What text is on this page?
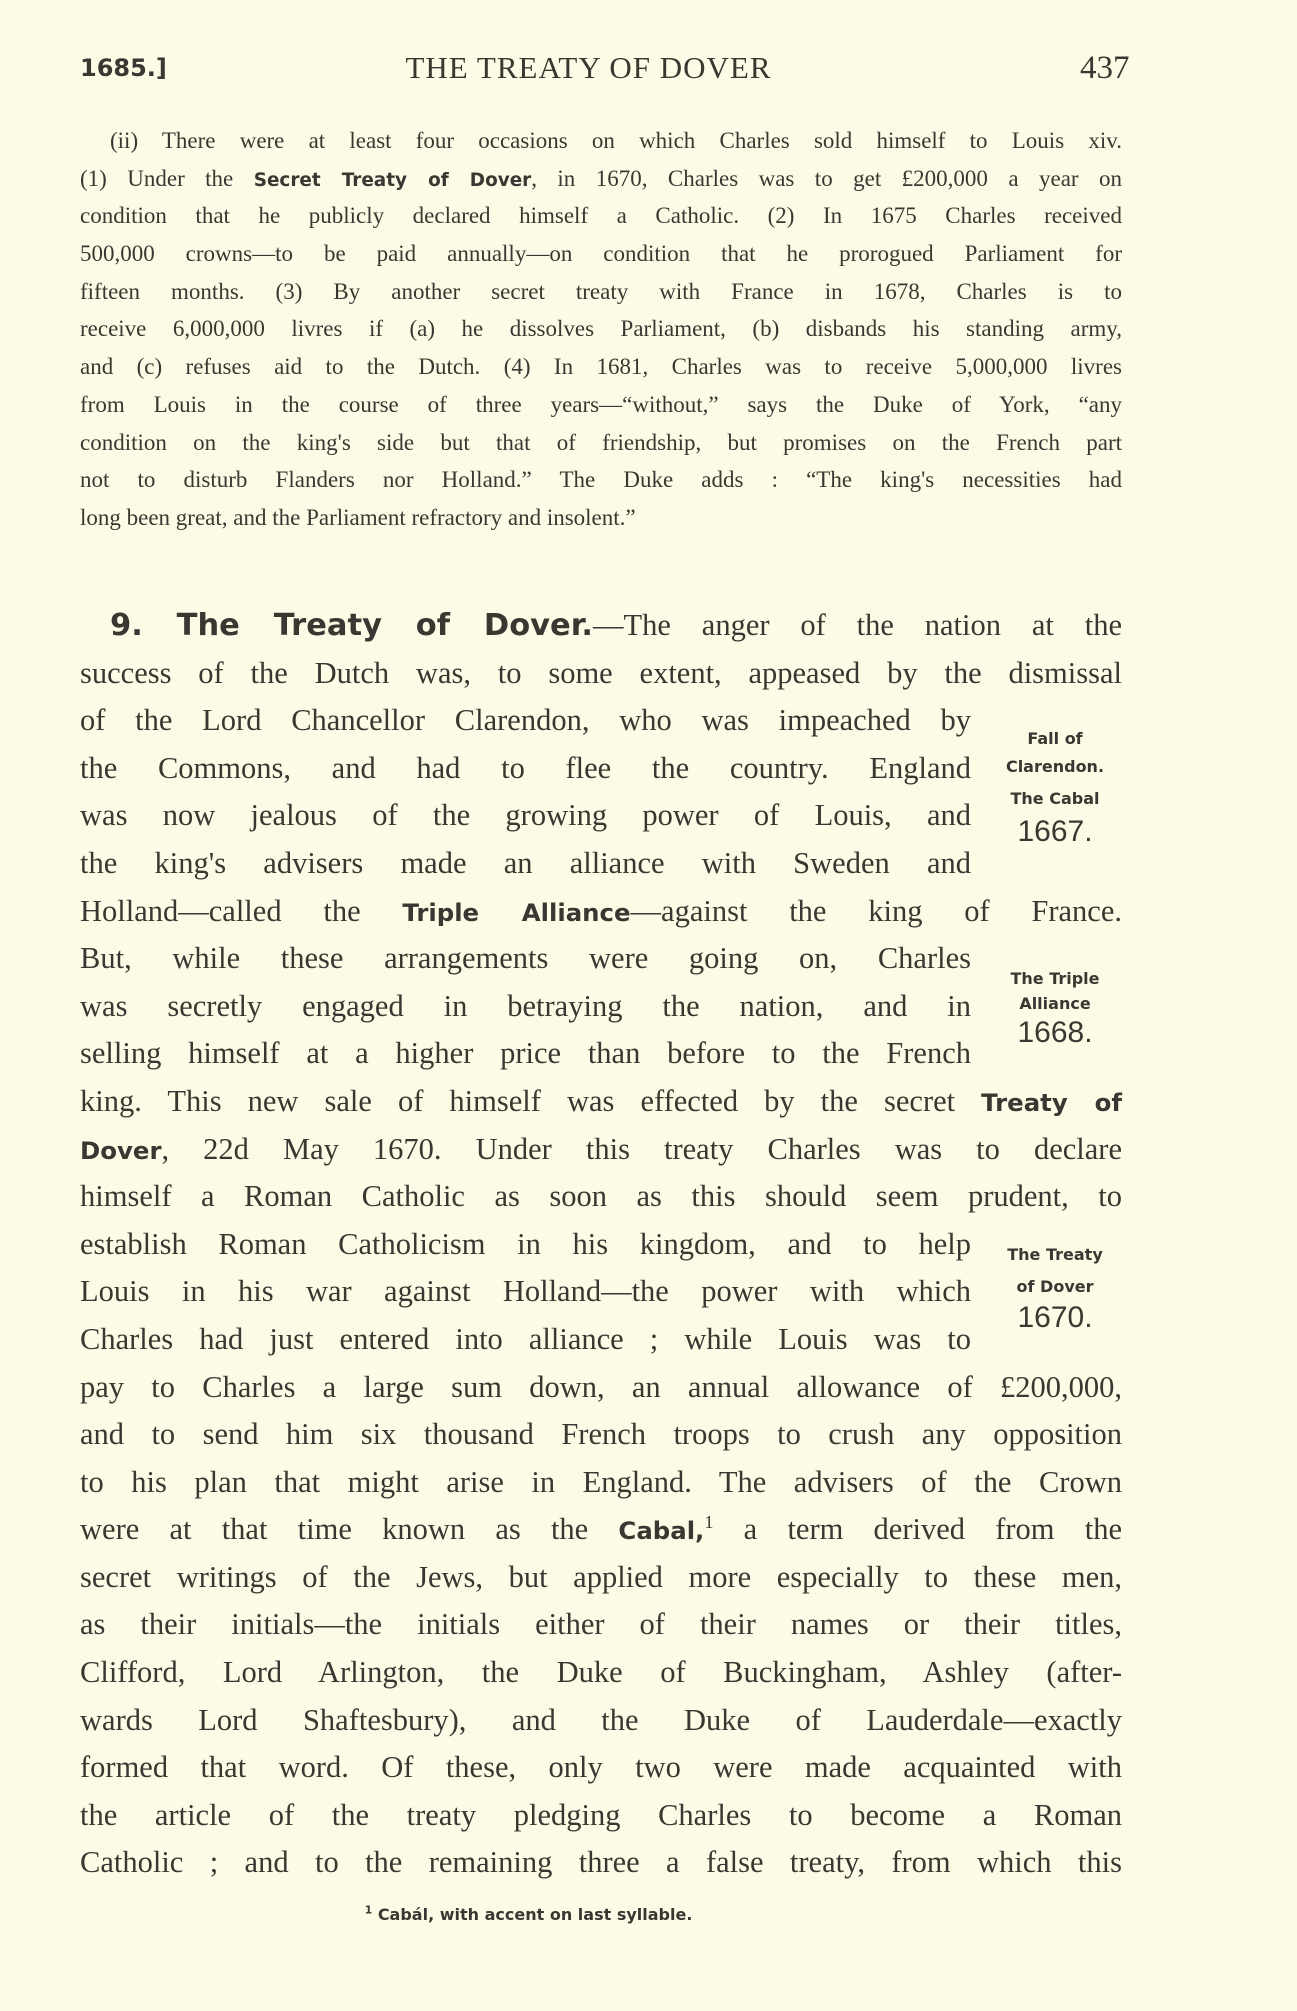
1685.]	THE TREATY OF DOVER	437
(ii) There were at least four occasions on which Charles sold himself to Louis xiv.
(1) Under the Secret Treaty of Dover, in 1670, Charles was to get £200,000 a year on
condition that he publicly declared himself a Catholic. (2) In 1675 Charles received
500,000 crowns—to be paid annually—on condition that he prorogued Parliament for
fifteen months. (3) By another secret treaty with France in 1678, Charles is to
receive 6,000,000 livres if (a) he dissolves Parliament, (b) disbands his standing army,
and (c) refuses aid to the Dutch. (4) In 1681, Charles was to receive 5,000,000 livres
from Louis in the course of three years—“without,” says the Duke of York, “any
condition on the king's side but that of friendship, but promises on the French part
not to disturb Flanders nor Holland.” The Duke adds : “The king's necessities had
long been great, and the Parliament refractory and insolent.”
9. The Treaty of Dover.—The anger of the nation at the
success of the Dutch was, to some extent, appeased by the dismissal
of the Lord Chancellor Clarendon, who was impeached by
the Commons, and had to flee the country. England
was now jealous of the growing power of Louis, and
the king's advisers made an alliance with Sweden and
Holland—called the Triple Alliance—against the king of France.
But, while these arrangements were going on, Charles
was secretly engaged in betraying the nation, and in
selling himself at a higher price than before to the French
king. This new sale of himself was effected by the secret Treaty of
Dover, 22d May 1670. Under this treaty Charles was to declare
himself a Roman Catholic as soon as this should seem prudent, to
establish Roman Catholicism in his kingdom, and to help
Louis in his war against Holland—the power with which
Charles had just entered into alliance ; while Louis was to
pay to Charles a large sum down, an annual allowance of £200,000,
and to send him six thousand French troops to crush any opposition
to his plan that might arise in England. The advisers of the Crown
were at that time known as the Cabal,$^1$ a term derived from the
secret writings of the Jews, but applied more especially to these men,
as their initials—the initials either of their names or their titles,
Clifford, Lord Arlington, the Duke of Buckingham, Ashley (after-
wards Lord Shaftesbury), and the Duke of Lauderdale—exactly
formed that word. Of these, only two were made acquainted with
the article of the treaty pledging Charles to become a Roman
Catholic ; and to the remaining three a false treaty, from which this
Fall of
Clarendon.
The Cabal
1667.
The Triple
Alliance
1668.
The Treaty
of Dover
1670.
$^1$ Cabál, with accent on last syllable.
